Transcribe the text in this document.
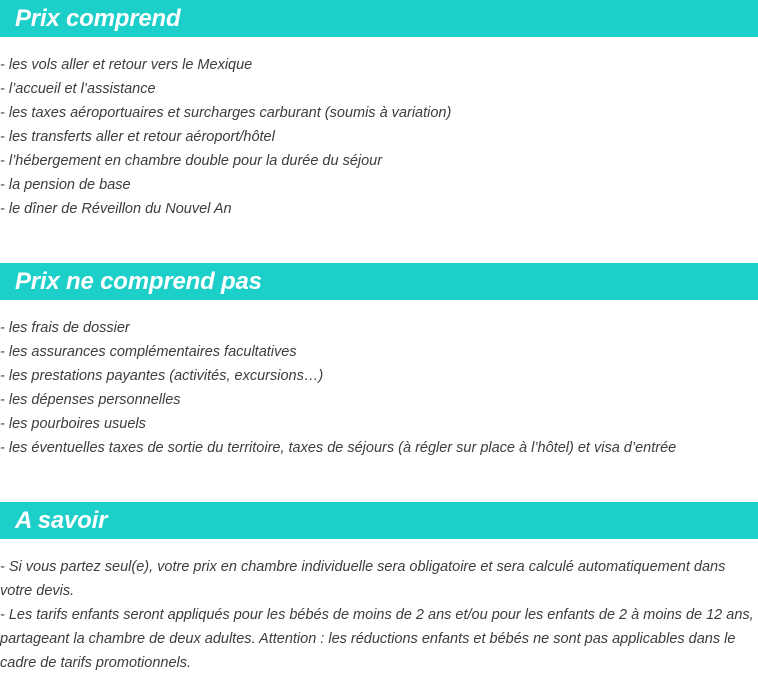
Prix comprend
- les vols aller et retour vers le Mexique
- l’accueil et l’assistance
- les taxes aéroportuaires et surcharges carburant (soumis à variation)
- les transferts aller et retour aéroport/hôtel
- l’hébergement en chambre double pour la durée du séjour
- la pension de base
- le dîner de Réveillon du Nouvel An
Prix ne comprend pas
- les frais de dossier
- les assurances complémentaires facultatives
- les prestations payantes (activités, excursions…)
- les dépenses personnelles
- les pourboires usuels
- les éventuelles taxes de sortie du territoire, taxes de séjours (à régler sur place à l’hôtel) et visa d’entrée
A savoir

- Si vous partez seul(e), votre prix en chambre individuelle sera obligatoire et sera calculé automatiquement dans votre devis.

- Les tarifs enfants seront appliqués pour les bébés de moins de 2 ans et/ou pour les enfants de 2 à moins de 12 ans, partageant la chambre de deux adultes. Attention : les réductions enfants et bébés ne sont pas applicables dans le cadre de tarifs promotionnels.
